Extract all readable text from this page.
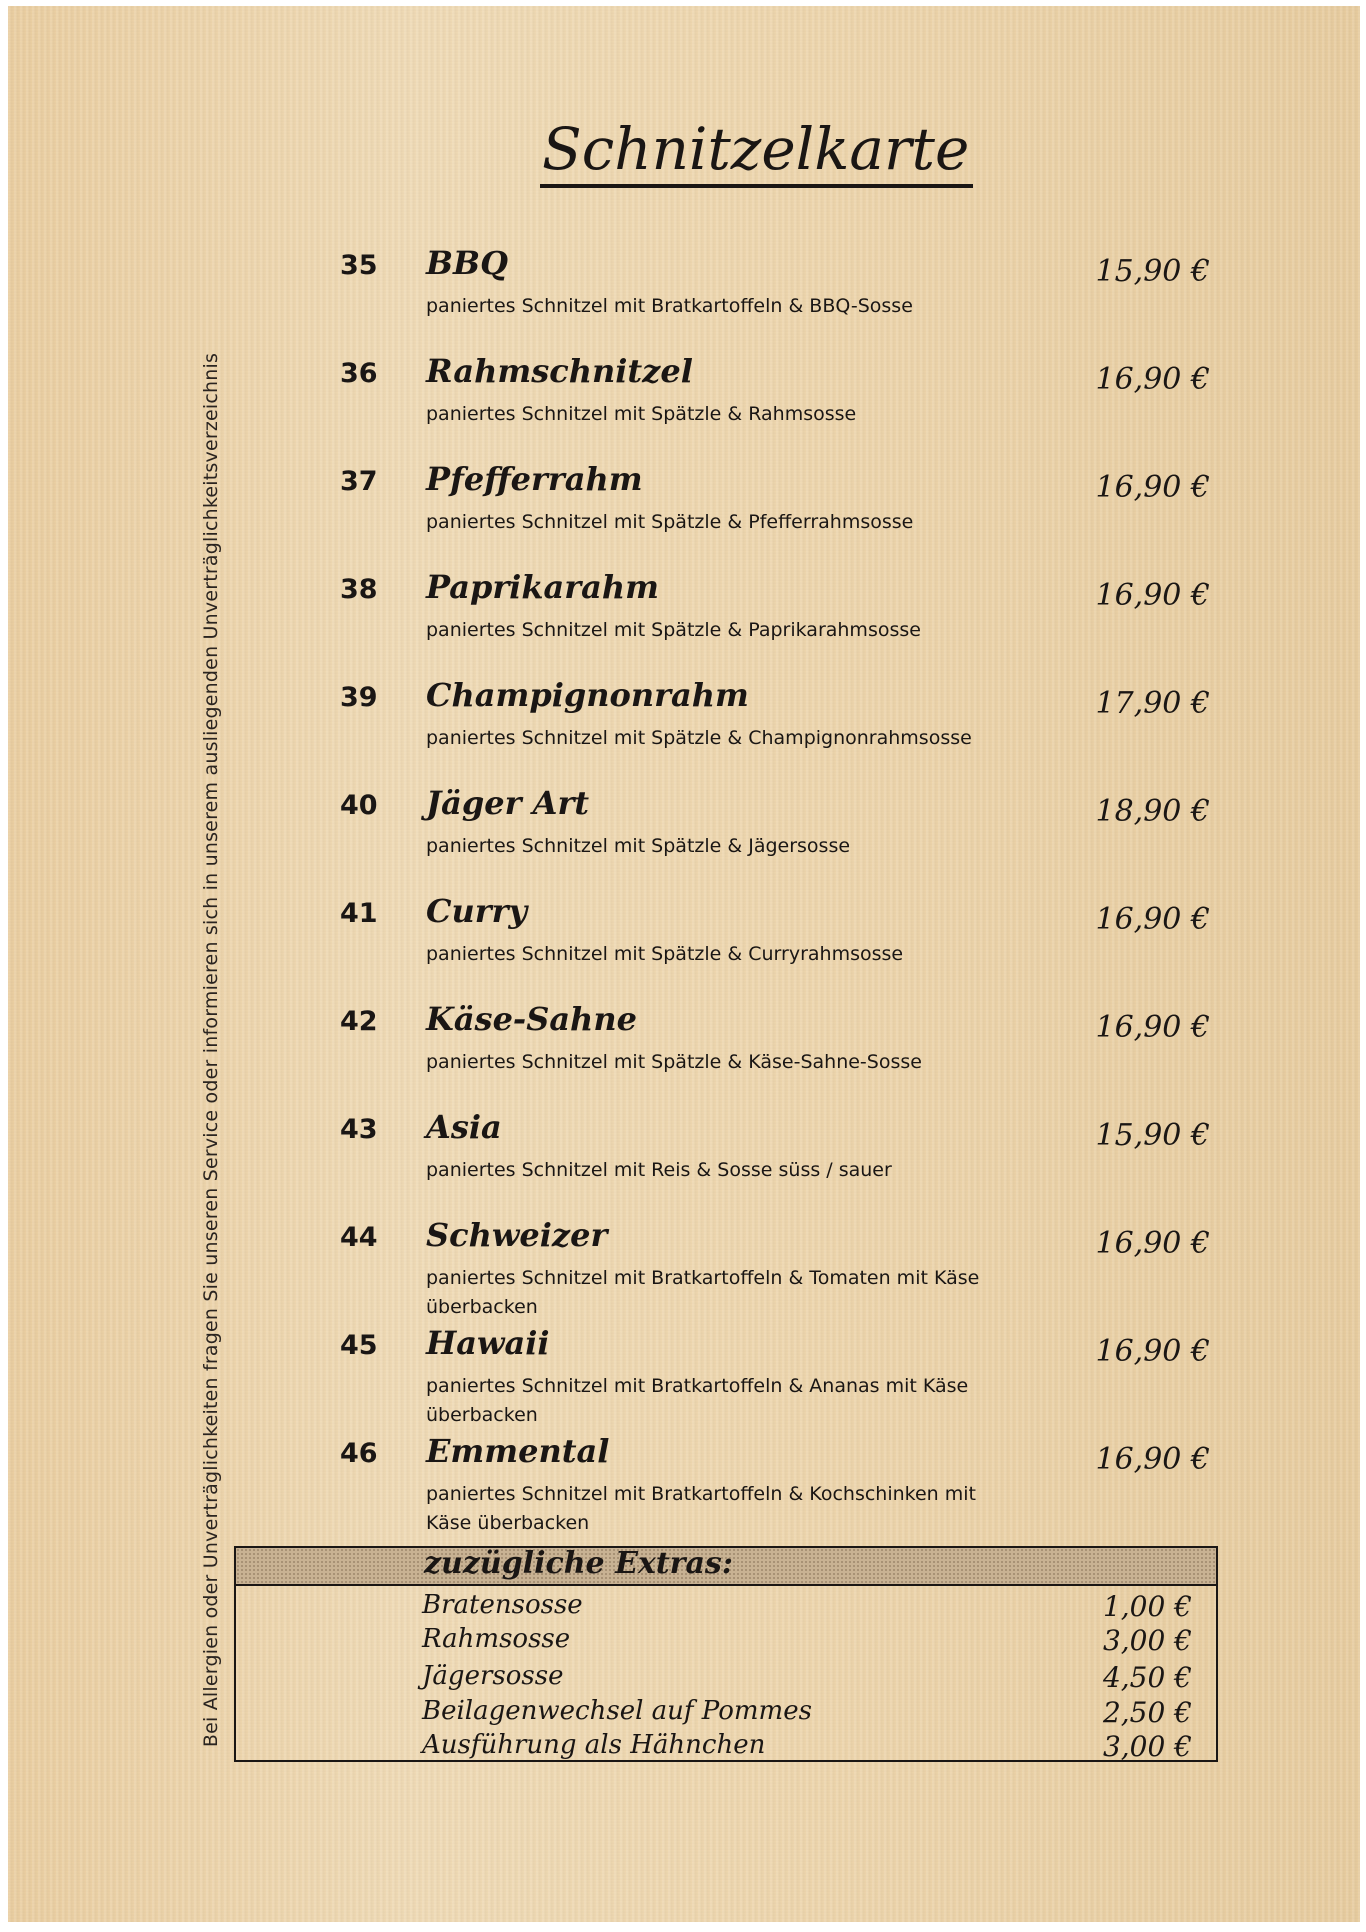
Bei Allergien oder Unverträglichkeiten fragen Sie unseren Service oder informieren sich in unserem ausliegenden Unverträglichkeitsverzeichnis
Schnitzelkarte
35 BBQ
paniertes Schnitzel mit Bratkartoffeln & BBQ-Sosse
15,90 €
36 Rahmschnitzel
paniertes Schnitzel mit Spätzle & Rahmsosse
16,90 €
37 Pfefferrahm
paniertes Schnitzel mit Spätzle & Pfefferrahmsosse
16,90 €
38 Paprikarahm
paniertes Schnitzel mit Spätzle & Paprikarahmsosse
16,90 €
39 Champignonrahm
paniertes Schnitzel mit Spätzle & Champignonrahmsosse
17,90 €
40 Jäger Art
paniertes Schnitzel mit Spätzle & Jägersosse
18,90 €
41 Curry
paniertes Schnitzel mit Spätzle & Curryrahmsosse
16,90 €
42 Käse-Sahne
paniertes Schnitzel mit Spätzle & Käse-Sahne-Sosse
16,90 €
43 Asia
paniertes Schnitzel mit Reis & Sosse süss / sauer
15,90 €
44 Schweizer
paniertes Schnitzel mit Bratkartoffeln & Tomaten mit Käse überbacken
16,90 €
45 Hawaii
paniertes Schnitzel mit Bratkartoffeln & Ananas mit Käse überbacken
16,90 €
46 Emmental
paniertes Schnitzel mit Bratkartoffeln & Kochschinken mit Käse überbacken
16,90 €
zuzügliche Extras:
Bratensosse	1,00 €
Rahmsosse	3,00 €
Jägersosse	4,50 €
Beilagenwechsel auf Pommes	2,50 €
Ausführung als Hähnchen	3,00 €
